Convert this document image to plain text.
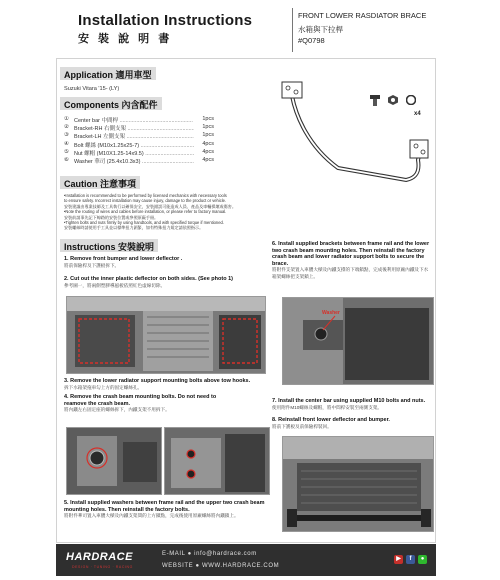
Installation Instructions
安 裝 說 明 書
FRONT LOWER RASDIATOR BRACE
水箱與下拉桿
#Q0798
Application 適用車型
Suzuki Vitara '15- (LY)
Components 內含配件
① Center bar 中間桿 .....	1pcs
② Bracket-RH 右側支架 .....	1pcs
③ Bracket-LH 左側支架 .....	1pcs
④ Bolt 螺絲 (M10x1.25x25-7) .....	4pcs
⑤ Nut 螺帽 (M10X1.25-14x9.5) .....	4pcs
⑥ Washer 華司 (25.4x10.3x3) .....	4pcs
x4
Caution 注意事項
•Installation is recommended to be performed by licensed mechanics with necessary tools
to ensure safety. Incorrect installation may cause injury, damage to the product or vehicle.
安裝建議由專業技師及工具執行以確保安全，安裝錯誤可能造成人員、產品及車輛損壞或傷害。
•Note the routing of wires and cables before installation, or please refer to factory manual.
安裝前請事先記下線路的安裝位置或參照原廠手冊。
•Tighten bolts and nuts firmly by using handtools, and with specified torque if mentioned.
安裝螺絲時請使用手工具並以標準扭力鎖緊，如有特殊扭力規定請依照指示。
Instructions 安裝說明
1. Remove front bumper and lower deflector .
將前保險桿及下護板拆下。
2. Cut out the inner plastic deflector on both sides. (See photo 1)
參考圖一，將兩側塑膠導風板依照紅色虛線切除。
6. Install supplied brackets between frame rail and the lower two crash beam mounting holes. Then reinstall the factory crash beam and lower radiator support bolts to secure the brace.
將附件支架置入車體大樑及內鐵支撐的下端鎖點，完成後利用原廠內鐵及下水箱架螺絲把支架鎖上。
Washer
3. Remove the lower radiator support mounting bolts above tow hooks.
拆下水箱架拖車勾上方的固定螺絲孔。
4. Remove the crash beam mounting bolts. Do not need to reamove the crash beam.
將內鐵左右固定座的螺絲拆下，內鐵支架不用拆下。
7. Install the center bar using supplied M10 bolts and nuts.
使用附件M10螺絲及螺帽，將中間桿安裝至兩側支架。
8. Reinstall front lower deflector and bumper.
將前下護板及前保險桿裝回。
5. Install supplied washers between frame rail and the upper two crash beam mounting holes. Then reinstall the factory bolts.
將附件華司置入車體大樑及內鐵支架間的上方鎖點，完成後使用原廠螺絲將內鐵鎖上。
HARDRACE
DESIGN · TUNING · RACING
E-MAIL ● info@hardrace.com
WEBSITE ● WWW.HARDRACE.COM
▶	f	●
